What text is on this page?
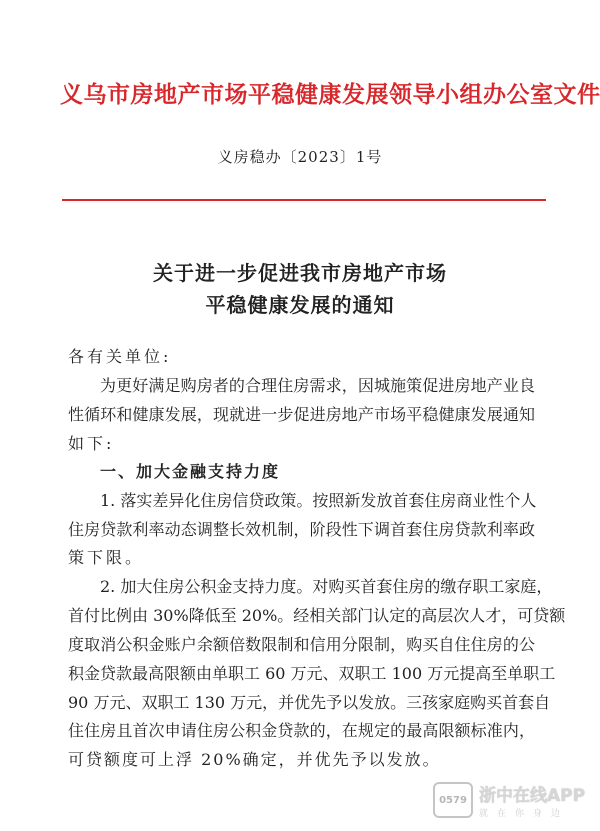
义乌市房地产市场平稳健康发展领导小组办公室文件
义房稳办〔2023〕1号
关于进一步促进我市房地产市场
平稳健康发展的通知
各有关单位:
为更好满足购房者的合理住房需求，因城施策促进房地产业良
性循环和健康发展，现就进一步促进房地产市场平稳健康发展通知
如下:
一、加大金融支持力度
1. 落实差异化住房信贷政策。按照新发放首套住房商业性个人
住房贷款利率动态调整长效机制，阶段性下调首套住房贷款利率政
策下限。
2. 加大住房公积金支持力度。对购买首套住房的缴存职工家庭，
首付比例由 30%降低至 20%。经相关部门认定的高层次人才，可贷额
度取消公积金账户余额倍数限制和信用分限制，购买自住住房的公
积金贷款最高限额由单职工 60 万元、双职工 100 万元提高至单职工
90 万元、双职工 130 万元，并优先予以发放。三孩家庭购买首套自
住住房且首次申请住房公积金贷款的，在规定的最高限额标准内，
可贷额度可上浮 20%确定，并优先予以发放。
0579 浙中在线APP
就在你身边
